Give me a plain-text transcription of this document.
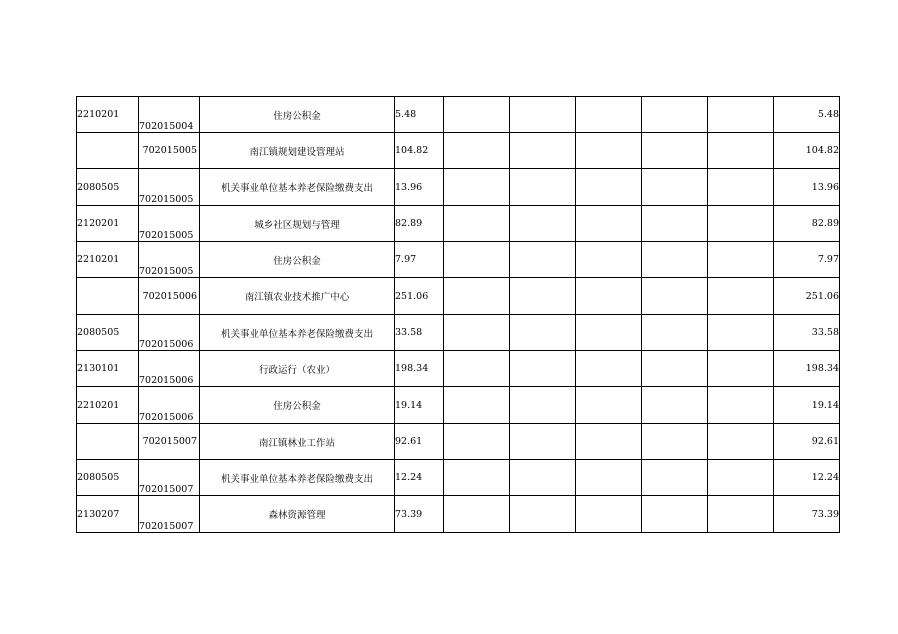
2210201	702015004	住房公积金	5.48						5.48
	702015005	南江镇规划建设管理站	104.82						104.82
2080505	702015005	机关事业单位基本养老保险缴费支出	13.96						13.96
2120201	702015005	城乡社区规划与管理	82.89						82.89
2210201	702015005	住房公积金	7.97						7.97
	702015006	南江镇农业技术推广中心	251.06						251.06
2080505	702015006	机关事业单位基本养老保险缴费支出	33.58						33.58
2130101	702015006	行政运行（农业）	198.34						198.34
2210201	702015006	住房公积金	19.14						19.14
	702015007	南江镇林业工作站	92.61						92.61
2080505	702015007	机关事业单位基本养老保险缴费支出	12.24						12.24
2130207	702015007	森林资源管理	73.39						73.39
